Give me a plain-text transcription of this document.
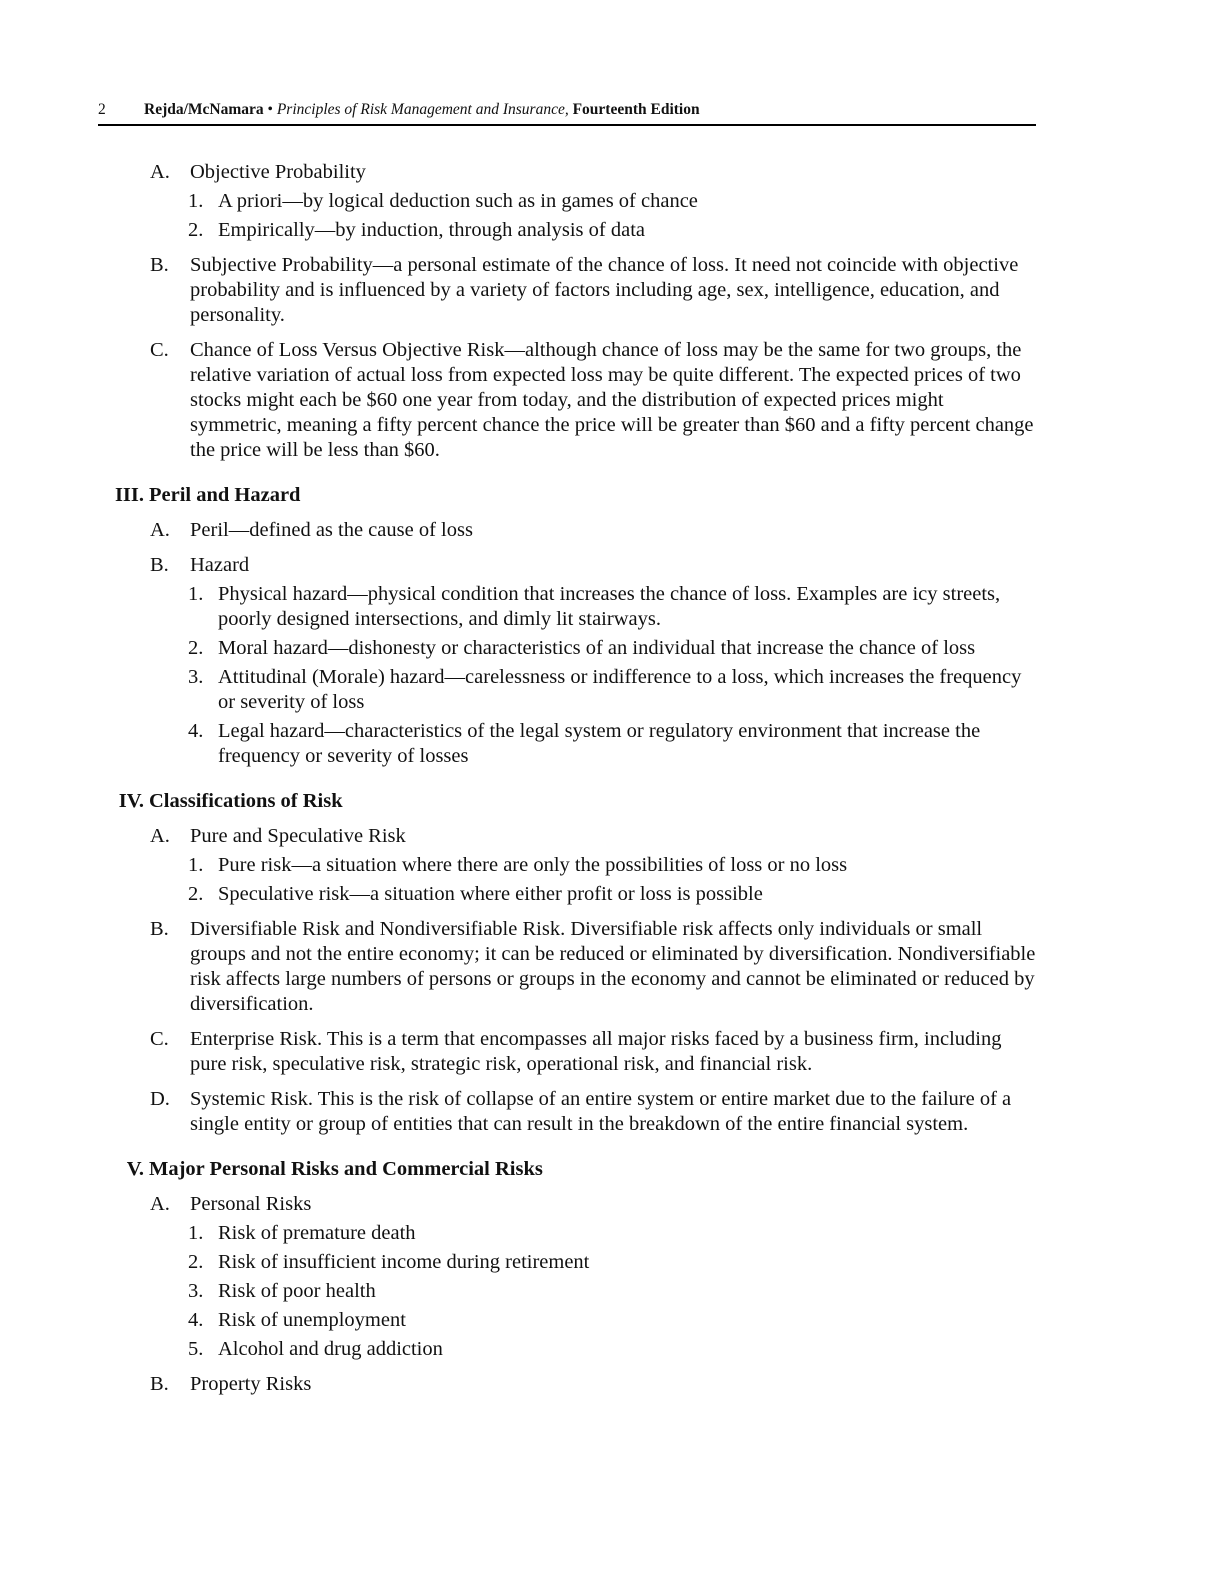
2 Rejda/McNamara • Principles of Risk Management and Insurance, Fourteenth Edition
A. Objective Probability
1. A priori—by logical deduction such as in games of chance
2. Empirically—by induction, through analysis of data
B. Subjective Probability—a personal estimate of the chance of loss. It need not coincide with objective probability and is influenced by a variety of factors including age, sex, intelligence, education, and personality.
C. Chance of Loss Versus Objective Risk—although chance of loss may be the same for two groups, the relative variation of actual loss from expected loss may be quite different. The expected prices of two stocks might each be $60 one year from today, and the distribution of expected prices might symmetric, meaning a fifty percent chance the price will be greater than $60 and a fifty percent change the price will be less than $60.
III. Peril and Hazard
A. Peril—defined as the cause of loss
B. Hazard
1. Physical hazard—physical condition that increases the chance of loss. Examples are icy streets, poorly designed intersections, and dimly lit stairways.
2. Moral hazard—dishonesty or characteristics of an individual that increase the chance of loss
3. Attitudinal (Morale) hazard—carelessness or indifference to a loss, which increases the frequency or severity of loss
4. Legal hazard—characteristics of the legal system or regulatory environment that increase the frequency or severity of losses
IV. Classifications of Risk
A. Pure and Speculative Risk
1. Pure risk—a situation where there are only the possibilities of loss or no loss
2. Speculative risk—a situation where either profit or loss is possible
B. Diversifiable Risk and Nondiversifiable Risk. Diversifiable risk affects only individuals or small groups and not the entire economy; it can be reduced or eliminated by diversification. Nondiversifiable risk affects large numbers of persons or groups in the economy and cannot be eliminated or reduced by diversification.
C. Enterprise Risk. This is a term that encompasses all major risks faced by a business firm, including pure risk, speculative risk, strategic risk, operational risk, and financial risk.
D. Systemic Risk. This is the risk of collapse of an entire system or entire market due to the failure of a single entity or group of entities that can result in the breakdown of the entire financial system.
V. Major Personal Risks and Commercial Risks
A. Personal Risks
1. Risk of premature death
2. Risk of insufficient income during retirement
3. Risk of poor health
4. Risk of unemployment
5. Alcohol and drug addiction
B. Property Risks
